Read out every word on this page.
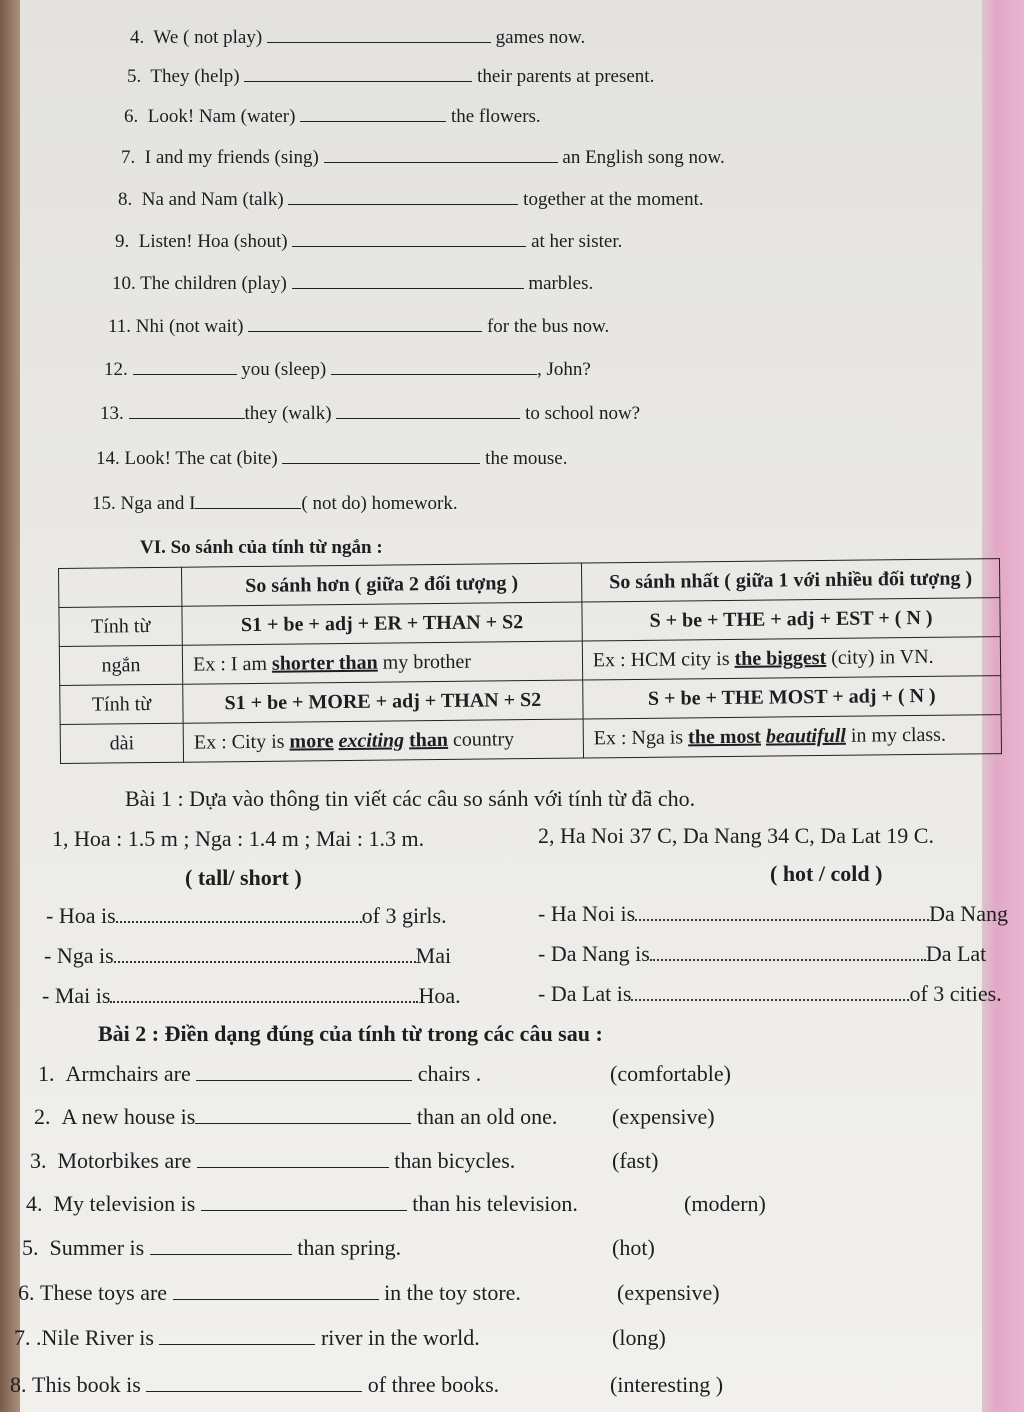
4. We ( not play)	games now.
5. They (help)	their parents at present.
6. Look! Nam (water)	the flowers.
7. I and my friends (sing)	an English song now.
8. Na and Nam (talk)	together at the moment.
9. Listen! Hoa (shout)	at her sister.
10. The children (play)	marbles.
11. Nhi (not wait)	for the bus now.
12.	you (sleep)	, John?
13.	they (walk)	to school now?
14. Look! The cat (bite)	the mouse.
15. Nga and I	( not do) homework.
VI. So sánh của tính từ ngắn :
	So sánh hơn ( giữa 2 đối tượng )	So sánh nhất ( giữa 1 với nhiều đối tượng )
Tính từ	S1 + be + adj + ER + THAN + S2	S + be + THE + adj + EST + ( N )
ngắn	Ex : I am shorter than my brother	Ex : HCM city is the biggest (city) in VN.
Tính từ	S1 + be + MORE + adj + THAN + S2	S + be + THE MOST + adj + ( N )
dài	Ex : City is more exciting than country	Ex : Nga is the most beautifull in my class.
Bài 1 : Dựa vào thông tin viết các câu so sánh với tính từ đã cho.
1, Hoa : 1.5 m ; Nga : 1.4 m ; Mai : 1.3 m.	2, Ha Noi 37 C, Da Nang 34 C, Da Lat 19 C.
( tall/ short )	( hot / cold )
- Hoa is	of 3 girls.
- Nga is	Mai
- Mai is	Hoa.
- Ha Noi is	Da Nang
- Da Nang is	Da Lat
- Da Lat is	of 3 cities.
Bài 2 : Điền dạng đúng của tính từ trong các câu sau :
1. Armchairs are	chairs .	(comfortable)
2. A new house is	than an old one. (expensive)
3. Motorbikes are	than bicycles.	(fast)
4. My television is	than his television.	(modern)
5. Summer is	than spring.	(hot)
6. These toys are	in the toy store.	(expensive)
7. .Nile River is	river in the world.	(long)
8. This book is	of three books.	(interesting )
